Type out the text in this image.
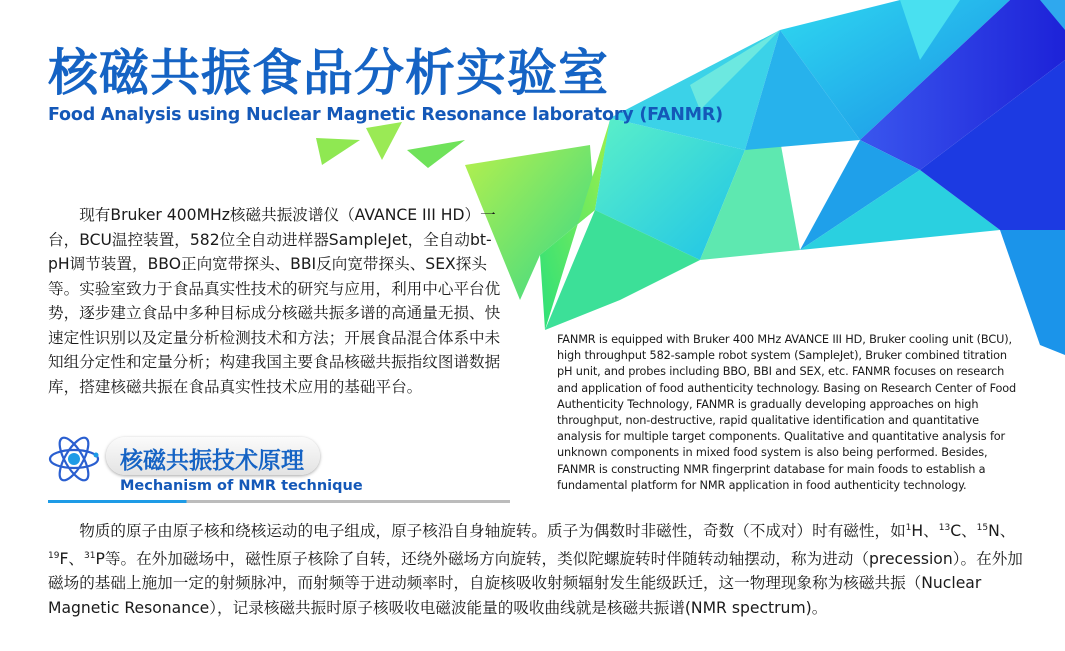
核磁共振食品分析实验室
Food Analysis using Nuclear Magnetic Resonance laboratory (FANMR)
现有Bruker 400MHz核磁共振波谱仪（AVANCE III HD）一台，BCU温控装置，582位全自动进样器SampleJet，全自动bt-pH调节装置，BBO正向宽带探头、BBI反向宽带探头、SEX探头等。实验室致力于食品真实性技术的研究与应用，利用中心平台优势，逐步建立食品中多种目标成分核磁共振多谱的高通量无损、快速定性识别以及定量分析检测技术和方法；开展食品混合体系中未知组分定性和定量分析；构建我国主要食品核磁共振指纹图谱数据库，搭建核磁共振在食品真实性技术应用的基础平台。
FANMR is equipped with Bruker 400 MHz AVANCE III HD, Bruker cooling unit (BCU), high throughput 582-sample robot system (SampleJet), Bruker combined titration pH unit, and probes including BBO, BBI and SEX, etc. FANMR focuses on research and application of food authenticity technology. Basing on Research Center of Food Authenticity Technology, FANMR is gradually developing approaches on high throughput, non-destructive, rapid qualitative identification and quantitative analysis for multiple target components. Qualitative and quantitative analysis for unknown components in mixed food system is also being performed. Besides, FANMR is constructing NMR fingerprint database for main foods to establish a fundamental platform for NMR application in food authenticity technology.
核磁共振技术原理
Mechanism of NMR technique
物质的原子由原子核和绕核运动的电子组成，原子核沿自身轴旋转。质子为偶数时非磁性，奇数（不成对）时有磁性，如$^1$H、$^{13}$C、$^{15}$N、$^{19}$F、$^{31}$P等。在外加磁场中，磁性原子核除了自转，还绕外磁场方向旋转，类似陀螺旋转时伴随转动轴摆动，称为进动（precession）。在外加磁场的基础上施加一定的射频脉冲，而射频等于进动频率时，自旋核吸收射频辐射发生能级跃迁，这一物理现象称为核磁共振（Nuclear Magnetic Resonance），记录核磁共振时原子核吸收电磁波能量的吸收曲线就是核磁共振谱(NMR spectrum)。
